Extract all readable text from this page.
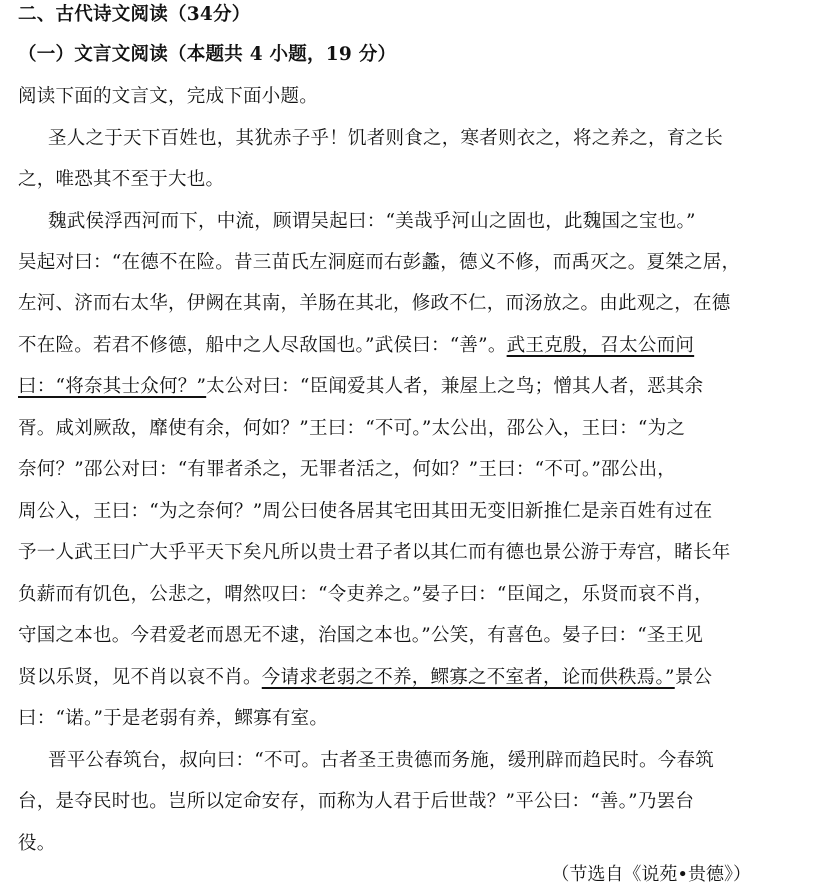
二、古代诗文阅读（34分）
（一）文言文阅读（本题共 4 小题，19 分）
阅读下面的文言文，完成下面小题。
圣人之于天下百姓也，其犹赤子乎！饥者则食之，寒者则衣之，将之养之，育之长
之，唯恐其不至于大也。
魏武侯浮西河而下，中流，顾谓吴起曰：“美哉乎河山之固也，此魏国之宝也。”
吴起对曰：“在德不在险。昔三苗氏左洞庭而右彭蠡，德义不修，而禹灭之。夏桀之居，
左河、济而右太华，伊阙在其南，羊肠在其北，修政不仁，而汤放之。由此观之，在德
不在险。若君不修德，船中之人尽敌国也。”武侯曰：“善”。武王克殷，召太公而问
曰：“将奈其士众何？”太公对曰：“臣闻爱其人者，兼屋上之鸟；憎其人者，恶其余
胥。咸刘厥敌，靡使有余，何如？”王曰：“不可。”太公出，邵公入，王曰：“为之
奈何？”邵公对曰：“有罪者杀之，无罪者活之，何如？”王曰：“不可。”邵公出，
周公入，王曰：“为之奈何？”周公曰使各居其宅田其田无变旧新推仁是亲百姓有过在
予一人武王曰广大乎平天下矣凡所以贵士君子者以其仁而有德也景公游于寿宫，睹长年
负薪而有饥色，公悲之，喟然叹曰：“令吏养之。”晏子曰：“臣闻之，乐贤而哀不肖，
守国之本也。今君爱老而恩无不逮，治国之本也。”公笑，有喜色。晏子曰：“圣王见
贤以乐贤，见不肖以哀不肖。今请求老弱之不养，鳏寡之不室者，论而供秩焉。”景公
曰：“诺。”于是老弱有养，鳏寡有室。
晋平公春筑台，叔向曰：“不可。古者圣王贵德而务施，缓刑辟而趋民时。今春筑
台，是夺民时也。岂所以定命安存，而称为人君于后世哉？”平公曰：“善。”乃罢台
役。
（节选自《说苑•贵德》）
